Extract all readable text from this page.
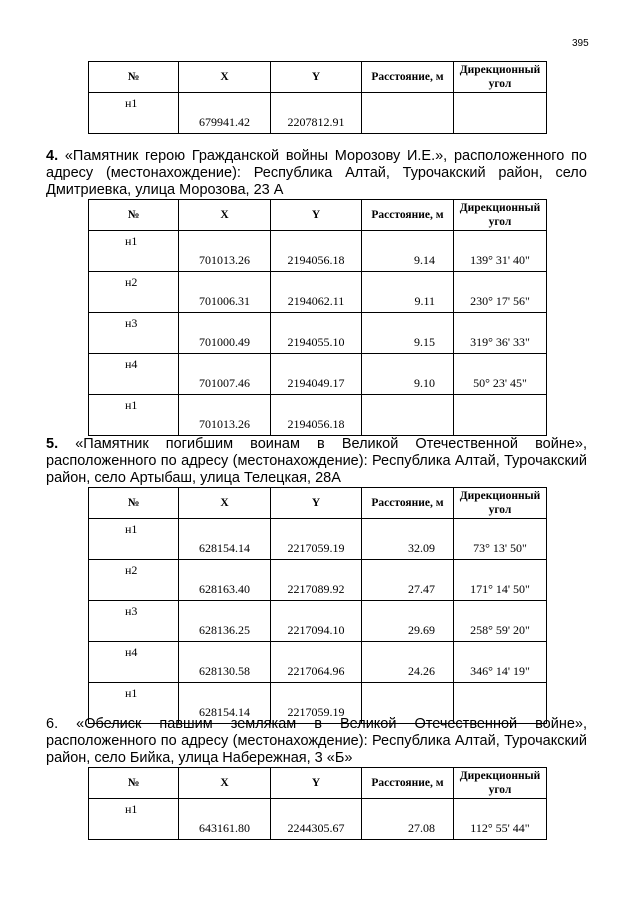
395
№	X	Y	Расстояние, м	Дирекционный угол
н1	679941.42	2207812.91		
4. «Памятник герою Гражданской войны Морозову И.Е.», расположенного по адресу (местонахождение): Республика Алтай, Турочакский район, село Дмитриевка, улица Морозова, 23 А
№	X	Y	Расстояние, м	Дирекционный угол
н1	701013.26	2194056.18	9.14	139° 31' 40"
н2	701006.31	2194062.11	9.11	230° 17' 56"
н3	701000.49	2194055.10	9.15	319° 36' 33"
н4	701007.46	2194049.17	9.10	50° 23' 45"
н1	701013.26	2194056.18		
5. «Памятник погибшим воинам в Великой Отечественной войне», расположенного по адресу (местонахождение): Республика Алтай, Турочакский район, село Артыбаш, улица Телецкая, 28А
№	X	Y	Расстояние, м	Дирекционный угол
н1	628154.14	2217059.19	32.09	73° 13' 50"
н2	628163.40	2217089.92	27.47	171° 14' 50"
н3	628136.25	2217094.10	29.69	258° 59' 20"
н4	628130.58	2217064.96	24.26	346° 14' 19"
н1	628154.14	2217059.19		
6. «Обелиск павшим землякам в Великой Отечественной войне», расположенного по адресу (местонахождение): Республика Алтай, Турочакский район, село Бийка, улица Набережная, 3 «Б»
№	X	Y	Расстояние, м	Дирекционный угол
н1	643161.80	2244305.67	27.08	112° 55' 44"
